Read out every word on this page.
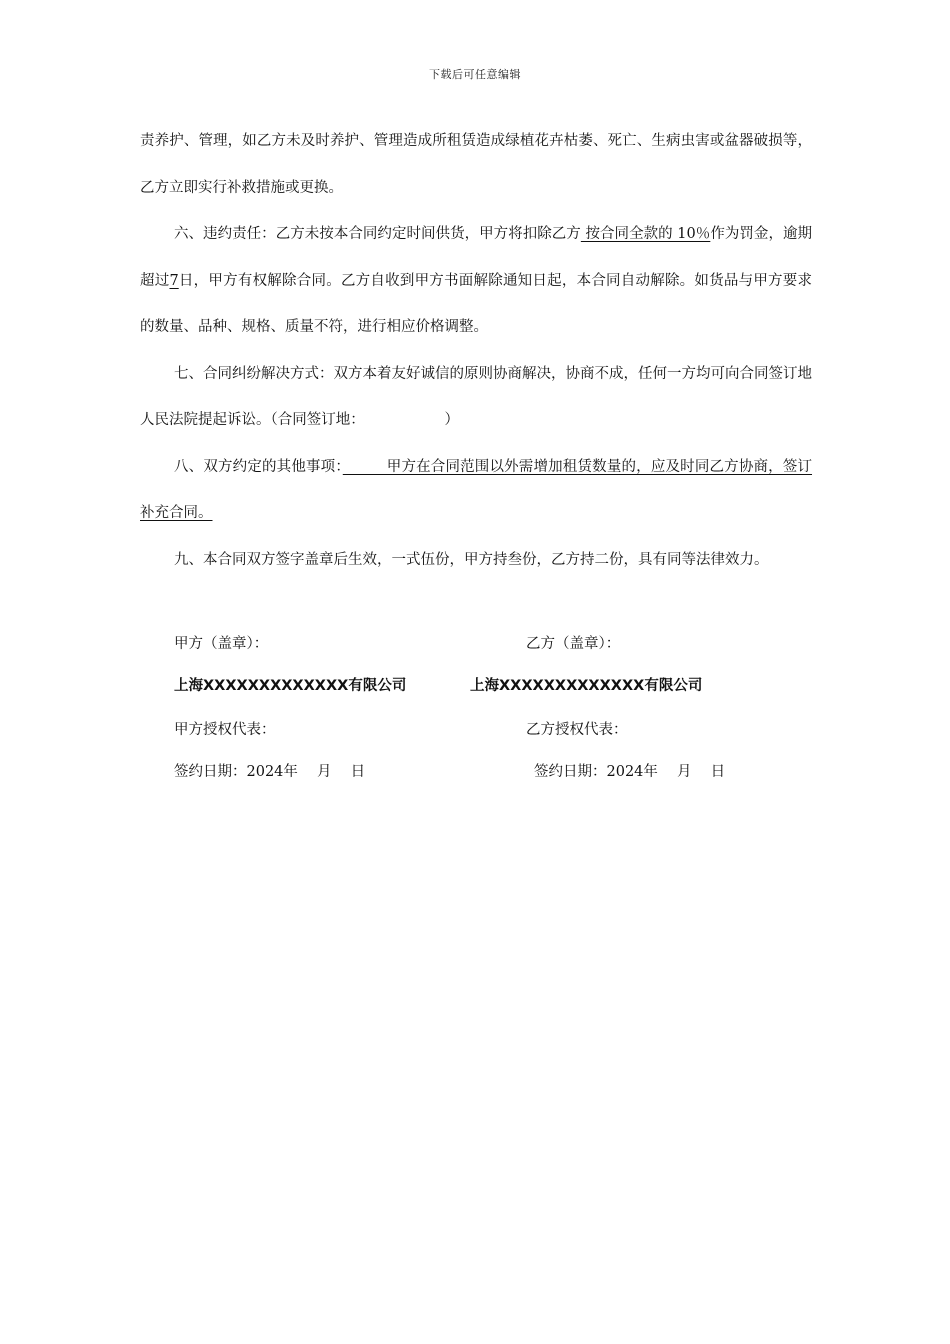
下载后可任意编辑

责养护、管理，如乙方未及时养护、管理造成所租赁造成绿植花卉枯萎、死亡、生病虫害或盆器破损等，乙方立即实行补救措施或更换。

六、违约责任：乙方未按本合同约定时间供货，甲方将扣除乙方 按合同全款的 10％作为罚金，逾期超过7日，甲方有权解除合同。乙方自收到甲方书面解除通知日起，本合同自动解除。如货品与甲方要求的数量、品种、规格、质量不符，进行相应价格调整。

七、合同纠纷解决方式：双方本着友好诚信的原则协商解决，协商不成，任何一方均可向合同签订地人民法院提起诉讼。（合同签订地：　　　　　　）

八、双方约定的其他事项：　　　甲方在合同范围以外需增加租赁数量的，应及时同乙方协商，签订补充合同。

九、本合同双方签字盖章后生效，一式伍份，甲方持叁份，乙方持二份，具有同等法律效力。

甲方（盖章）：	乙方（盖章）：
上海XXXXXXXXXXXXX有限公司	上海XXXXXXXXXXXXX有限公司
甲方授权代表：	乙方授权代表：
签约日期：2024年　 月　 日	签约日期：2024年　 月　 日
